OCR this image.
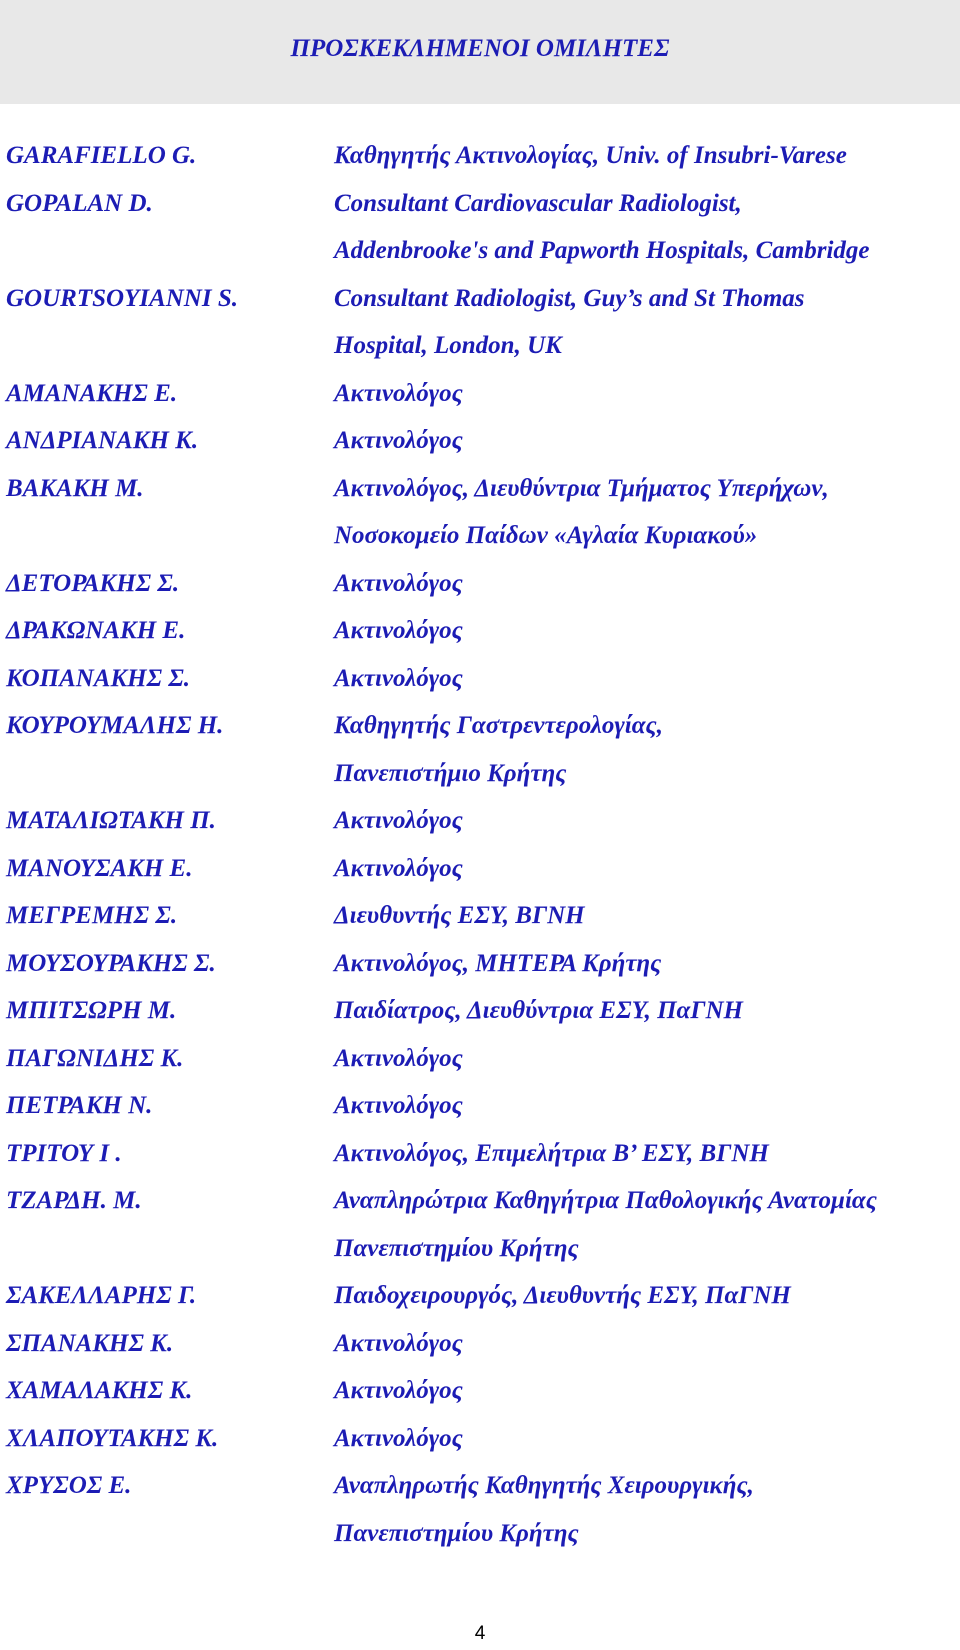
ΠΡΟΣΚΕΚΛΗΜΕΝΟΙ ΟΜΙΛΗΤΕΣ
GARAFIELLO G.	Καθηγητής Ακτινολογίας, Univ. of Insubri-Varese
GOPALAN D.	Consultant Cardiovascular Radiologist,
Addenbrooke's and Papworth Hospitals, Cambridge
GOURTSOYIANNI S.	Consultant Radiologist, Guy’s and St Thomas
Hospital, London, UK
ΑΜΑΝΑΚΗΣ Ε.	Ακτινολόγος
ΑΝΔΡΙΑΝΑΚΗ Κ.	Ακτινολόγος
ΒΑΚΑΚΗ Μ.	Ακτινολόγος, Διευθύντρια Τμήματος Υπερήχων,
Νοσοκομείο Παίδων «Αγλαία Κυριακού»
ΔΕΤΟΡΑΚΗΣ Σ.	Ακτινολόγος
ΔΡΑΚΩΝΑΚΗ Ε.	Ακτινολόγος
ΚΟΠΑΝΑΚΗΣ Σ.	Ακτινολόγος
ΚΟΥΡΟΥΜΑΛΗΣ Η.	Καθηγητής Γαστρεντερολογίας,
Πανεπιστήμιο Κρήτης
ΜΑΤΑΛΙΩΤΑΚΗ Π.	Ακτινολόγος
ΜΑΝΟΥΣΑΚΗ Ε.	Ακτινολόγος
ΜΕΓΡΕΜΗΣ Σ.	Διευθυντής ΕΣΥ, ΒΓΝΗ
ΜΟΥΣΟΥΡΑΚΗΣ Σ.	Ακτινολόγος, ΜΗΤΕΡΑ Κρήτης
ΜΠΙΤΣΩΡΗ Μ.	Παιδίατρος, Διευθύντρια ΕΣΥ, ΠαΓΝΗ
ΠΑΓΩΝΙΔΗΣ Κ.	Ακτινολόγος
ΠΕΤΡΑΚΗ Ν.	Ακτινολόγος
ΤΡΙΤΟΥ Ι .	Ακτινολόγος, Επιμελήτρια Β’ ΕΣΥ, ΒΓΝΗ
ΤΖΑΡΔΗ. Μ.	Αναπληρώτρια Καθηγήτρια Παθολογικής Ανατομίας
Πανεπιστημίου Κρήτης
ΣΑΚΕΛΛΑΡΗΣ Γ.	Παιδοχειρουργός, Διευθυντής ΕΣΥ, ΠαΓΝΗ
ΣΠΑΝΑΚΗΣ Κ.	Ακτινολόγος
ΧΑΜΑΛΑΚΗΣ Κ.	Ακτινολόγος
ΧΛΑΠΟΥΤΑΚΗΣ Κ.	Ακτινολόγος
ΧΡΥΣΟΣ Ε.	Αναπληρωτής Καθηγητής Χειρουργικής,
Πανεπιστημίου Κρήτης
4
